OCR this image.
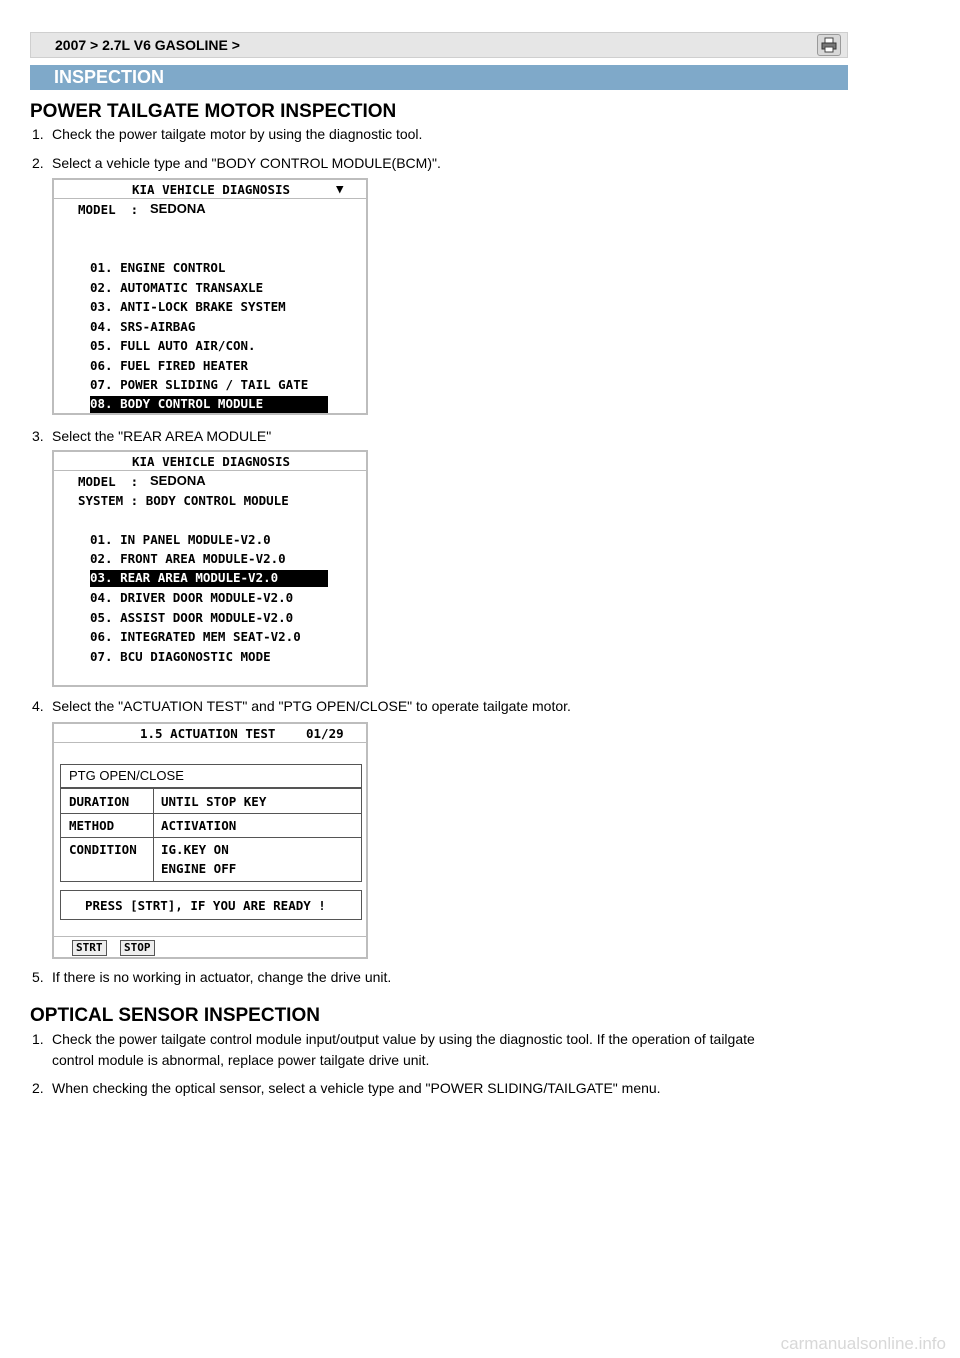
2007 > 2.7L V6 GASOLINE >
INSPECTION
POWER TAILGATE MOTOR INSPECTION
1. Check the power tailgate motor by using the diagnostic tool.
2. Select a vehicle type and "BODY CONTROL MODULE(BCM)".
KIA VEHICLE DIAGNOSIS	▼
MODEL  : SEDONA
01. ENGINE CONTROL
02. AUTOMATIC TRANSAXLE
03. ANTI-LOCK BRAKE SYSTEM
04. SRS-AIRBAG
05. FULL AUTO AIR/CON.
06. FUEL FIRED HEATER
07. POWER SLIDING / TAIL GATE
08. BODY CONTROL MODULE
3. Select the "REAR AREA MODULE"
KIA VEHICLE DIAGNOSIS
MODEL  : SEDONA
SYSTEM : BODY CONTROL MODULE
01. IN PANEL MODULE-V2.0
02. FRONT AREA MODULE-V2.0
03. REAR AREA MODULE-V2.0
04. DRIVER DOOR MODULE-V2.0
05. ASSIST DOOR MODULE-V2.0
06. INTEGRATED MEM SEAT-V2.0
07. BCU DIAGONOSTIC MODE
4. Select the "ACTUATION TEST" and "PTG OPEN/CLOSE" to operate tailgate motor.
1.5 ACTUATION TEST 01/29
PTG OPEN/CLOSE
DURATION	UNTIL STOP KEY
METHOD	ACTIVATION
CONDITION IG.KEY ON
ENGINE OFF
PRESS [STRT], IF YOU ARE READY !
STRT	STOP
5. If there is no working in actuator, change the drive unit.
OPTICAL SENSOR INSPECTION
1. Check the power tailgate control module input/output value by using the diagnostic tool. If the operation of tailgate
control module is abnormal, replace power tailgate drive unit.
2. When checking the optical sensor, select a vehicle type and "POWER SLIDING/TAILGATE" menu.
carmanualsonline.info
